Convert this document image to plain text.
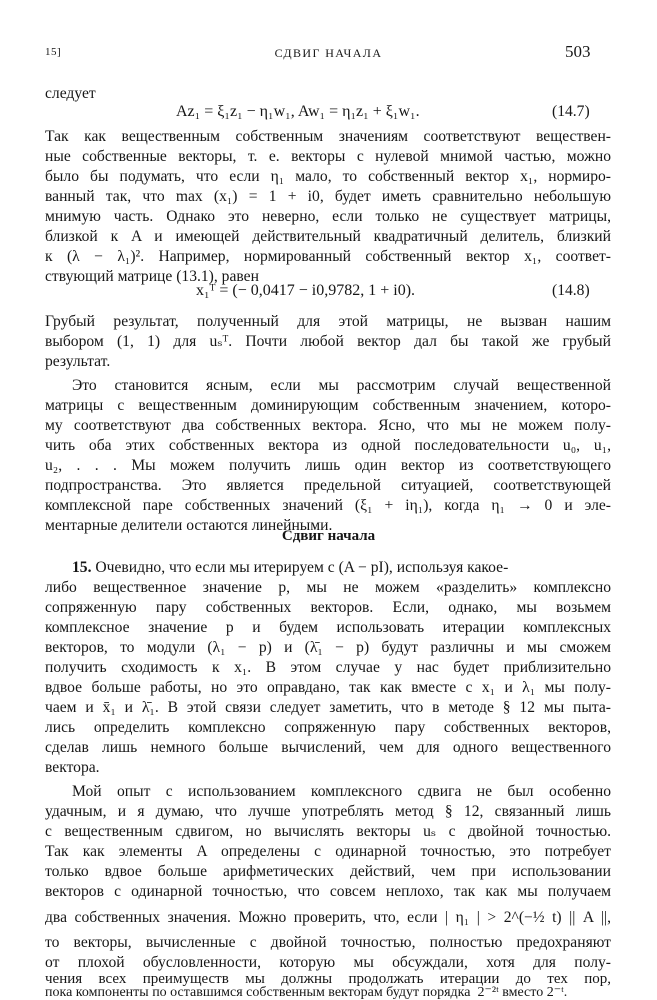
15]	СДВИГ НАЧАЛА	503
следует
Az₁ = ξ₁z₁ − η₁w₁, Aw₁ = η₁z₁ + ξ₁w₁.	(14.7)
Так как вещественным собственным значениям соответствуют веществен-
ные собственные векторы, т. е. векторы с нулевой мнимой частью, можно
было бы подумать, что если η₁ мало, то собственный вектор x₁, нормиро-
ванный так, что max (x₁) = 1 + i0, будет иметь сравнительно небольшую
мнимую часть. Однако это неверно, если только не существует матрицы,
близкой к A и имеющей действительный квадратичный делитель, близкий
к (λ − λ₁)². Например, нормированный собственный вектор x₁, соответ-
ствующий матрице (13.1), равен
x₁ᵀ = (− 0,0417 − i0,9782, 1 + i0).	(14.8)
Грубый результат, полученный для этой матрицы, не вызван нашим
выбором (1, 1) для uₛᵀ. Почти любой вектор дал бы такой же грубый
результат.
Это становится ясным, если мы рассмотрим случай вещественной
матрицы с вещественным доминирующим собственным значением, которо-
му соответствуют два собственных вектора. Ясно, что мы не можем полу-
чить оба этих собственных вектора из одной последовательности u₀, u₁,
u₂, . . . Мы можем получить лишь один вектор из соответствующего
подпространства. Это является предельной ситуацией, соответствующей
комплексной паре собственных значений (ξ₁ + iη₁), когда η₁ → 0 и эле-
ментарные делители остаются линейными.
Сдвиг начала
15. Очевидно, что если мы итерируем с (A − pI), используя какое-
либо вещественное значение p, мы не можем «разделить» комплексно
сопряженную пару собственных векторов. Если, однако, мы возьмем
комплексное значение p и будем использовать итерации комплексных
векторов, то модули (λ₁ − p) и (λ̄₁ − p) будут различны и мы сможем
получить сходимость к x₁. В этом случае у нас будет приблизительно
вдвое больше работы, но это оправдано, так как вместе с x₁ и λ₁ мы полу-
чаем и x̄₁ и λ̄₁. В этой связи следует заметить, что в методе § 12 мы пыта-
лись определить комплексно сопряженную пару собственных векторов,
сделав лишь немного больше вычислений, чем для одного вещественного
вектора.
Мой опыт с использованием комплексного сдвига не был особенно
удачным, и я думаю, что лучше употреблять метод § 12, связанный лишь
с вещественным сдвигом, но вычислять векторы uₛ с двойной точностью.
Так как элементы A определены с одинарной точностью, это потребует
только вдвое больше арифметических действий, чем при использовании
векторов с одинарной точностью, что совсем неплохо, так как мы получаем
два собственных значения. Можно проверить, что, если | η₁ | > 2^(−½ t) || A ||,
то векторы, вычисленные с двойной точностью, полностью предохраняют
от плохой обусловленности, которую мы обсуждали, хотя для полу-
чения всех преимуществ мы должны продолжать итерации до тех пор,
пока компоненты по оставшимся собственным векторам будут порядка 2⁻²ᵗ вместо 2⁻ᵗ.
